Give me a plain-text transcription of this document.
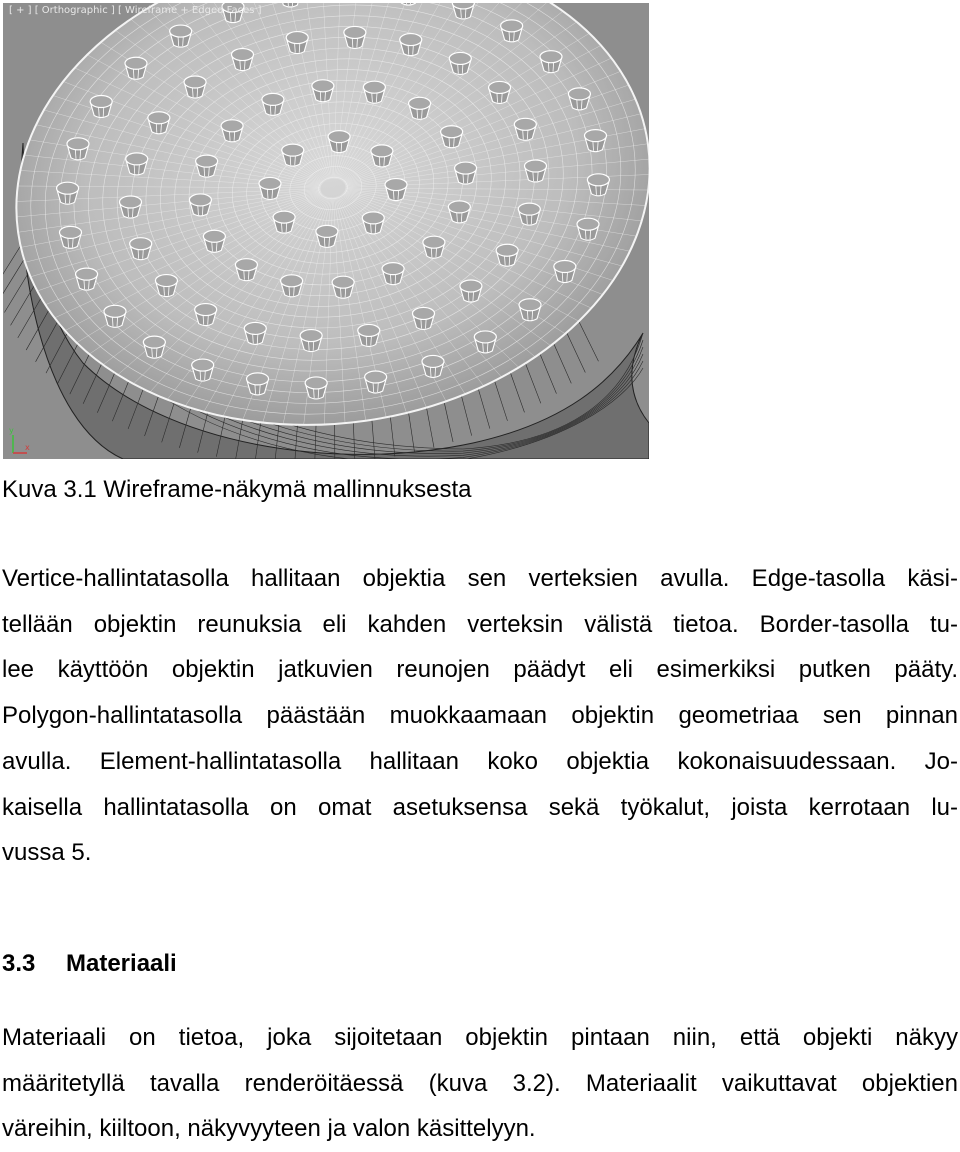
y
x
[ + ] [ Orthographic ] [ Wireframe + Edged Faces ]
Kuva 3.1 Wireframe-näkymä mallinnuksesta
Vertice-hallintatasolla hallitaan objektia sen verteksien avulla. Edge-tasolla käsi-
tellään objektin reunuksia eli kahden verteksin välistä tietoa. Border-tasolla tu-
lee käyttöön objektin jatkuvien reunojen päädyt eli esimerkiksi putken pääty.
Polygon-hallintatasolla päästään muokkaamaan objektin geometriaa sen pinnan
avulla. Element-hallintatasolla hallitaan koko objektia kokonaisuudessaan. Jo-
kaisella hallintatasolla on omat asetuksensa sekä työkalut, joista kerrotaan lu-
vussa 5.
3.3 Materiaali
Materiaali on tietoa, joka sijoitetaan objektin pintaan niin, että objekti näkyy
määritetyllä tavalla renderöitäessä (kuva 3.2). Materiaalit vaikuttavat objektien
väreihin, kiiltoon, näkyvyyteen ja valon käsittelyyn.
